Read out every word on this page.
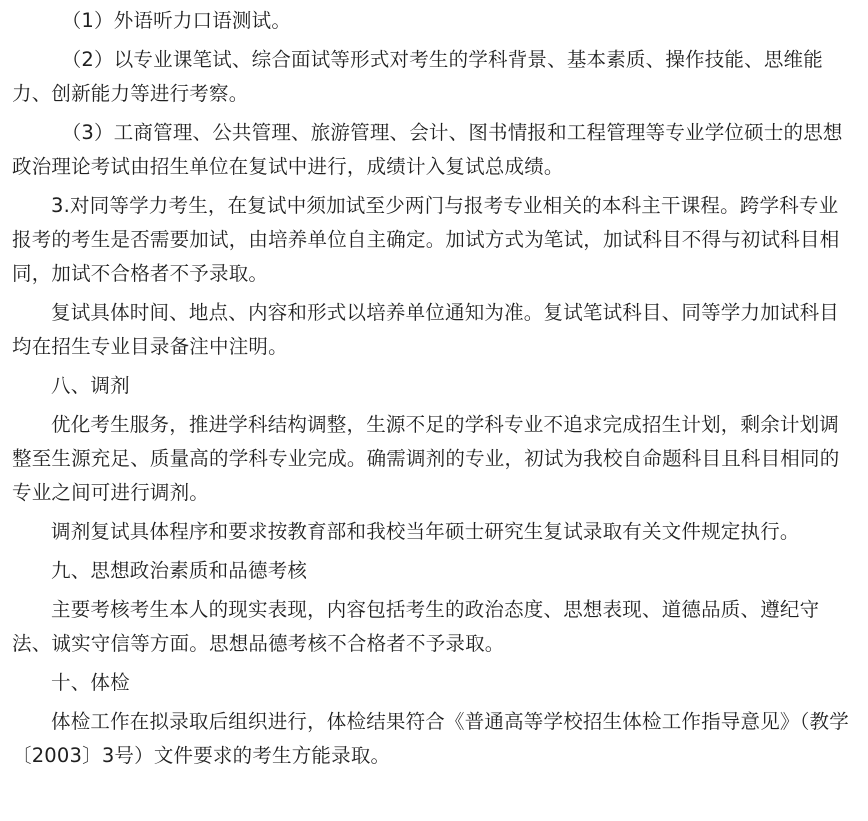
（1）外语听力口语测试。

（2）以专业课笔试、综合面试等形式对考生的学科背景、基本素质、操作技能、思维能力、创新能力等进行考察。

（3）工商管理、公共管理、旅游管理、会计、图书情报和工程管理等专业学位硕士的思想政治理论考试由招生单位在复试中进行，成绩计入复试总成绩。

3.对同等学力考生，在复试中须加试至少两门与报考专业相关的本科主干课程。跨学科专业报考的考生是否需要加试，由培养单位自主确定。加试方式为笔试，加试科目不得与初试科目相同，加试不合格者不予录取。

复试具体时间、地点、内容和形式以培养单位通知为准。复试笔试科目、同等学力加试科目均在招生专业目录备注中注明。

八、调剂

优化考生服务，推进学科结构调整，生源不足的学科专业不追求完成招生计划，剩余计划调整至生源充足、质量高的学科专业完成。确需调剂的专业，初试为我校自命题科目且科目相同的专业之间可进行调剂。

调剂复试具体程序和要求按教育部和我校当年硕士研究生复试录取有关文件规定执行。

九、思想政治素质和品德考核

主要考核考生本人的现实表现，内容包括考生的政治态度、思想表现、道德品质、遵纪守法、诚实守信等方面。思想品德考核不合格者不予录取。

十、体检

体检工作在拟录取后组织进行，体检结果符合《普通高等学校招生体检工作指导意见》（教学〔2003〕3号）文件要求的考生方能录取。
